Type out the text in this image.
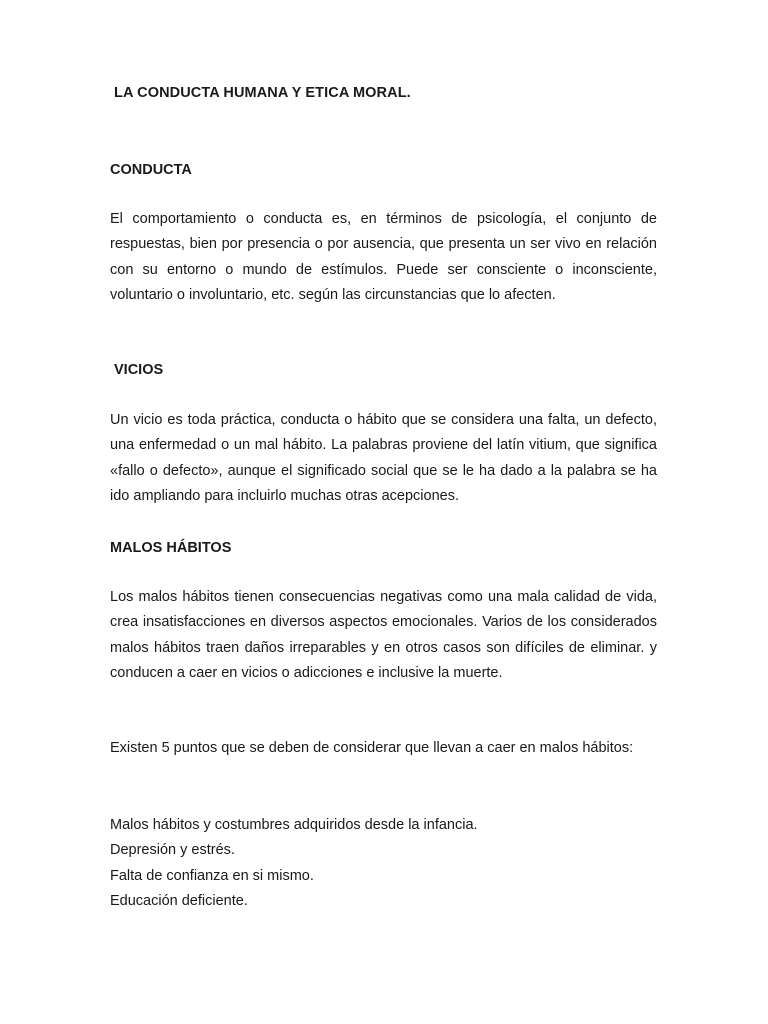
LA CONDUCTA HUMANA Y ETICA MORAL.
CONDUCTA

El comportamiento o conducta es, en términos de psicología, el conjunto de respuestas, bien por presencia o por ausencia, que presenta un ser vivo en relación con su entorno o mundo de estímulos. Puede ser consciente o inconsciente, voluntario o involuntario, etc. según las circunstancias que lo afecten.

VICIOS

Un vicio es toda práctica, conducta o hábito que se considera una falta, un defecto, una enfermedad o un mal hábito. La palabras proviene del latín vitium, que significa «fallo o defecto», aunque el significado social que se le ha dado a la palabra se ha ido ampliando para incluirlo muchas otras acepciones.

MALOS HÁBITOS

Los malos hábitos tienen consecuencias negativas como una mala calidad de vida, crea insatisfacciones en diversos aspectos emocionales. Varios de los considerados malos hábitos traen daños irreparables y en otros casos son difíciles de eliminar. y conducen a caer en vicios o adicciones e inclusive la muerte.

Existen 5 puntos que se deben de considerar que llevan a caer en malos hábitos:

Malos hábitos y costumbres adquiridos desde la infancia.
Depresión y estrés.
Falta de confianza en si mismo.
Educación deficiente.
